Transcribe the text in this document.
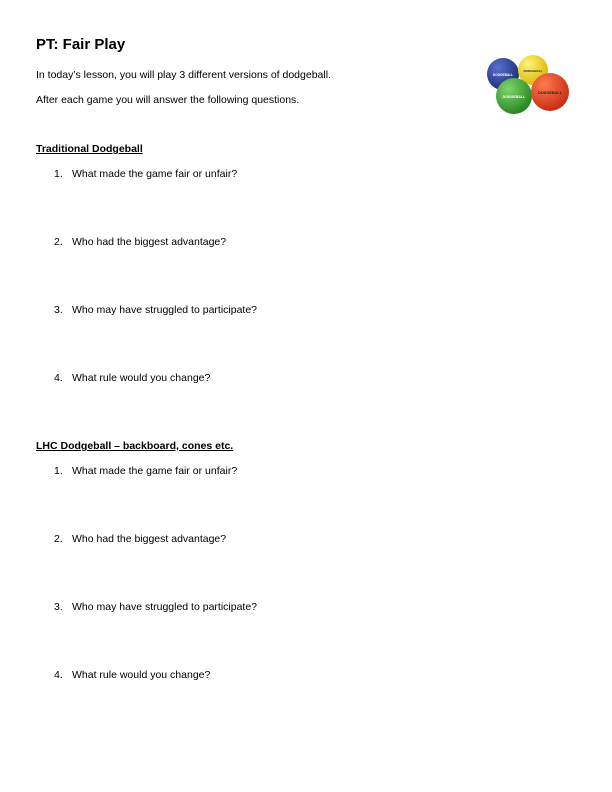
PT: Fair Play

In today’s lesson, you will play 3 different versions of dodgeball.

After each game you will answer the following questions.

DODGEBALL
DODGEBALL
DODGEBALL
DODGEBALL

Traditional Dodgeball

1. What made the game fair or unfair?
2. Who had the biggest advantage?
3. Who may have struggled to participate?
4. What rule would you change?

LHC Dodgeball – backboard, cones etc.

1. What made the game fair or unfair?
2. Who had the biggest advantage?
3. Who may have struggled to participate?
4. What rule would you change?
